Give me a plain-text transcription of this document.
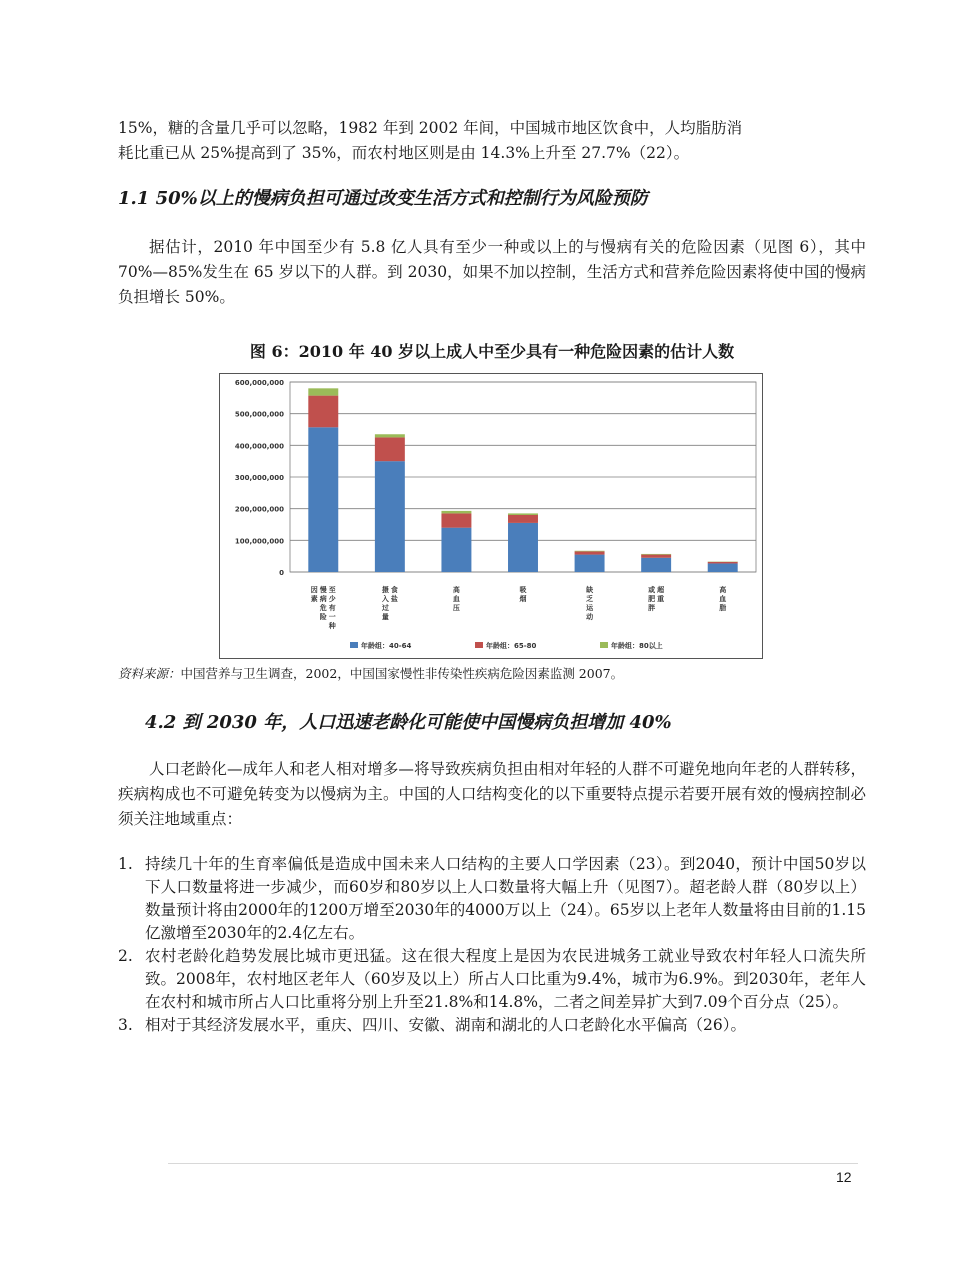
15%，糖的含量几乎可以忽略，1982 年到 2002 年间，中国城市地区饮食中，人均脂肪消
耗比重已从 25%提高到了 35%，而农村地区则是由 14.3%上升至 27.7%（22）。

1.1 50%以上的慢病负担可通过改变生活方式和控制行为风险预防

据估计，2010 年中国至少有 5.8 亿人具有至少一种或以上的与慢病有关的危险因素（见图 6），其中 70%—85%发生在 65 岁以下的人群。到 2030，如果不加以控制，生活方式和营养危险因素将使中国的慢病负担增长 50%。

图 6：2010 年 40 岁以上成人中至少具有一种危险因素的估计人数

600,000,000
500,000,000
400,000,000
300,000,000
200,000,000
100,000,000
0
至少有一种
慢病危险
因素
食盐
摄入过量
高血压
吸烟
缺乏运动
超重
或肥胖
高血脂
年龄组：40-64	年龄组：65-80	年龄组：80以上

资料来源：中国营养与卫生调查，2002，中国国家慢性非传染性疾病危险因素监测 2007。

4.2 到 2030 年，人口迅速老龄化可能使中国慢病负担增加 40%

人口老龄化—成年人和老人相对增多—将导致疾病负担由相对年轻的人群不可避免地向年老的人群转移，疾病构成也不可避免转变为以慢病为主。中国的人口结构变化的以下重要特点提示若要开展有效的慢病控制必须关注地域重点：

1. 持续几十年的生育率偏低是造成中国未来人口结构的主要人口学因素（23）。到2040，预计中国50岁以下人口数量将进一步减少，而60岁和80岁以上人口数量将大幅上升（见图7）。超老龄人群（80岁以上）数量预计将由2000年的1200万增至2030年的4000万以上（24）。65岁以上老年人数量将由目前的1.15亿激增至2030年的2.4亿左右。
2. 农村老龄化趋势发展比城市更迅猛。这在很大程度上是因为农民进城务工就业导致农村年轻人口流失所致。2008年，农村地区老年人（60岁及以上）所占人口比重为9.4%，城市为6.9%。到2030年，老年人在农村和城市所占人口比重将分别上升至21.8%和14.8%，二者之间差异扩大到7.09个百分点（25）。
3. 相对于其经济发展水平，重庆、四川、安徽、湖南和湖北的人口老龄化水平偏高（26）。
12
